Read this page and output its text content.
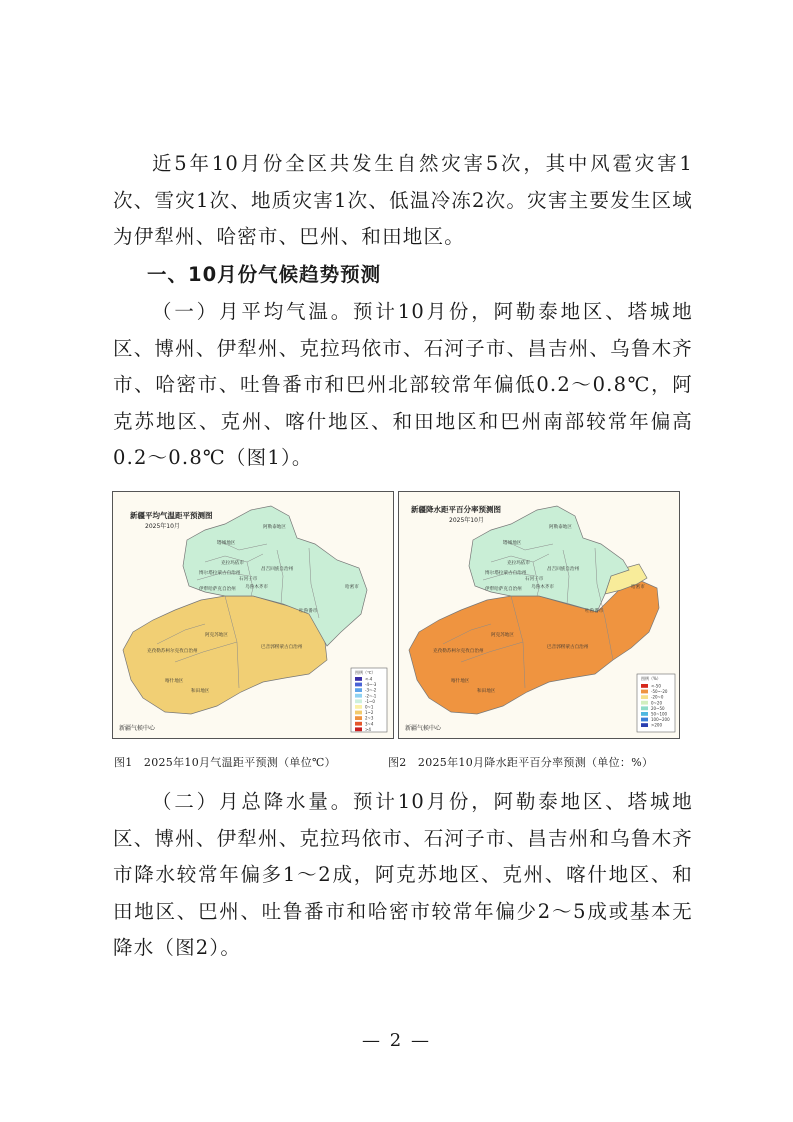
近5年10月份全区共发生自然灾害5次，其中风雹灾害1次、雪灾1次、地质灾害1次、低温冷冻2次。灾害主要发生区域为伊犁州、哈密市、巴州、和田地区。
一、10月份气候趋势预测
（一）月平均气温。预计10月份，阿勒泰地区、塔城地区、博州、伊犁州、克拉玛依市、石河子市、昌吉州、乌鲁木齐市、哈密市、吐鲁番市和巴州北部较常年偏低0.2～0.8℃，阿克苏地区、克州、喀什地区、和田地区和巴州南部较常年偏高0.2～0.8℃（图1）。
新疆平均气温距平预测图
2025年10月
新疆气候中心
阿勒泰地区
塔城地区
克拉玛依市
博尔塔拉蒙古自治州
石河子市
昌吉回族自治州
乌鲁木齐市
伊犁哈萨克自治州
吐鲁番市
哈密市
阿克苏地区
巴音郭楞蒙古自治州
克孜勒苏柯尔克孜自治州
喀什地区
和田地区
图例（℃）
<-4
-4~-3
-3~-2
-2~-1
-1~0
0~1
1~2
2~3
3~4
>4
新疆降水距平百分率预测图
2025年10月
新疆气候中心
阿勒泰地区
塔城地区
克拉玛依市
博尔塔拉蒙古自治州
石河子市
昌吉回族自治州
乌鲁木齐市
伊犁哈萨克自治州
吐鲁番市
哈密市
阿克苏地区
巴音郭楞蒙古自治州
克孜勒苏柯尔克孜自治州
喀什地区
和田地区
图例（%）
<-50
-50~-20
-20~0
0~20
20~50
50~100
100~200
>200
图1　2025年10月气温距平预测（单位℃）	图2　2025年10月降水距平百分率预测（单位：%）
（二）月总降水量。预计10月份，阿勒泰地区、塔城地区、博州、伊犁州、克拉玛依市、石河子市、昌吉州和乌鲁木齐市降水较常年偏多1～2成，阿克苏地区、克州、喀什地区、和田地区、巴州、吐鲁番市和哈密市较常年偏少2～5成或基本无降水（图2）。
— 2 —
